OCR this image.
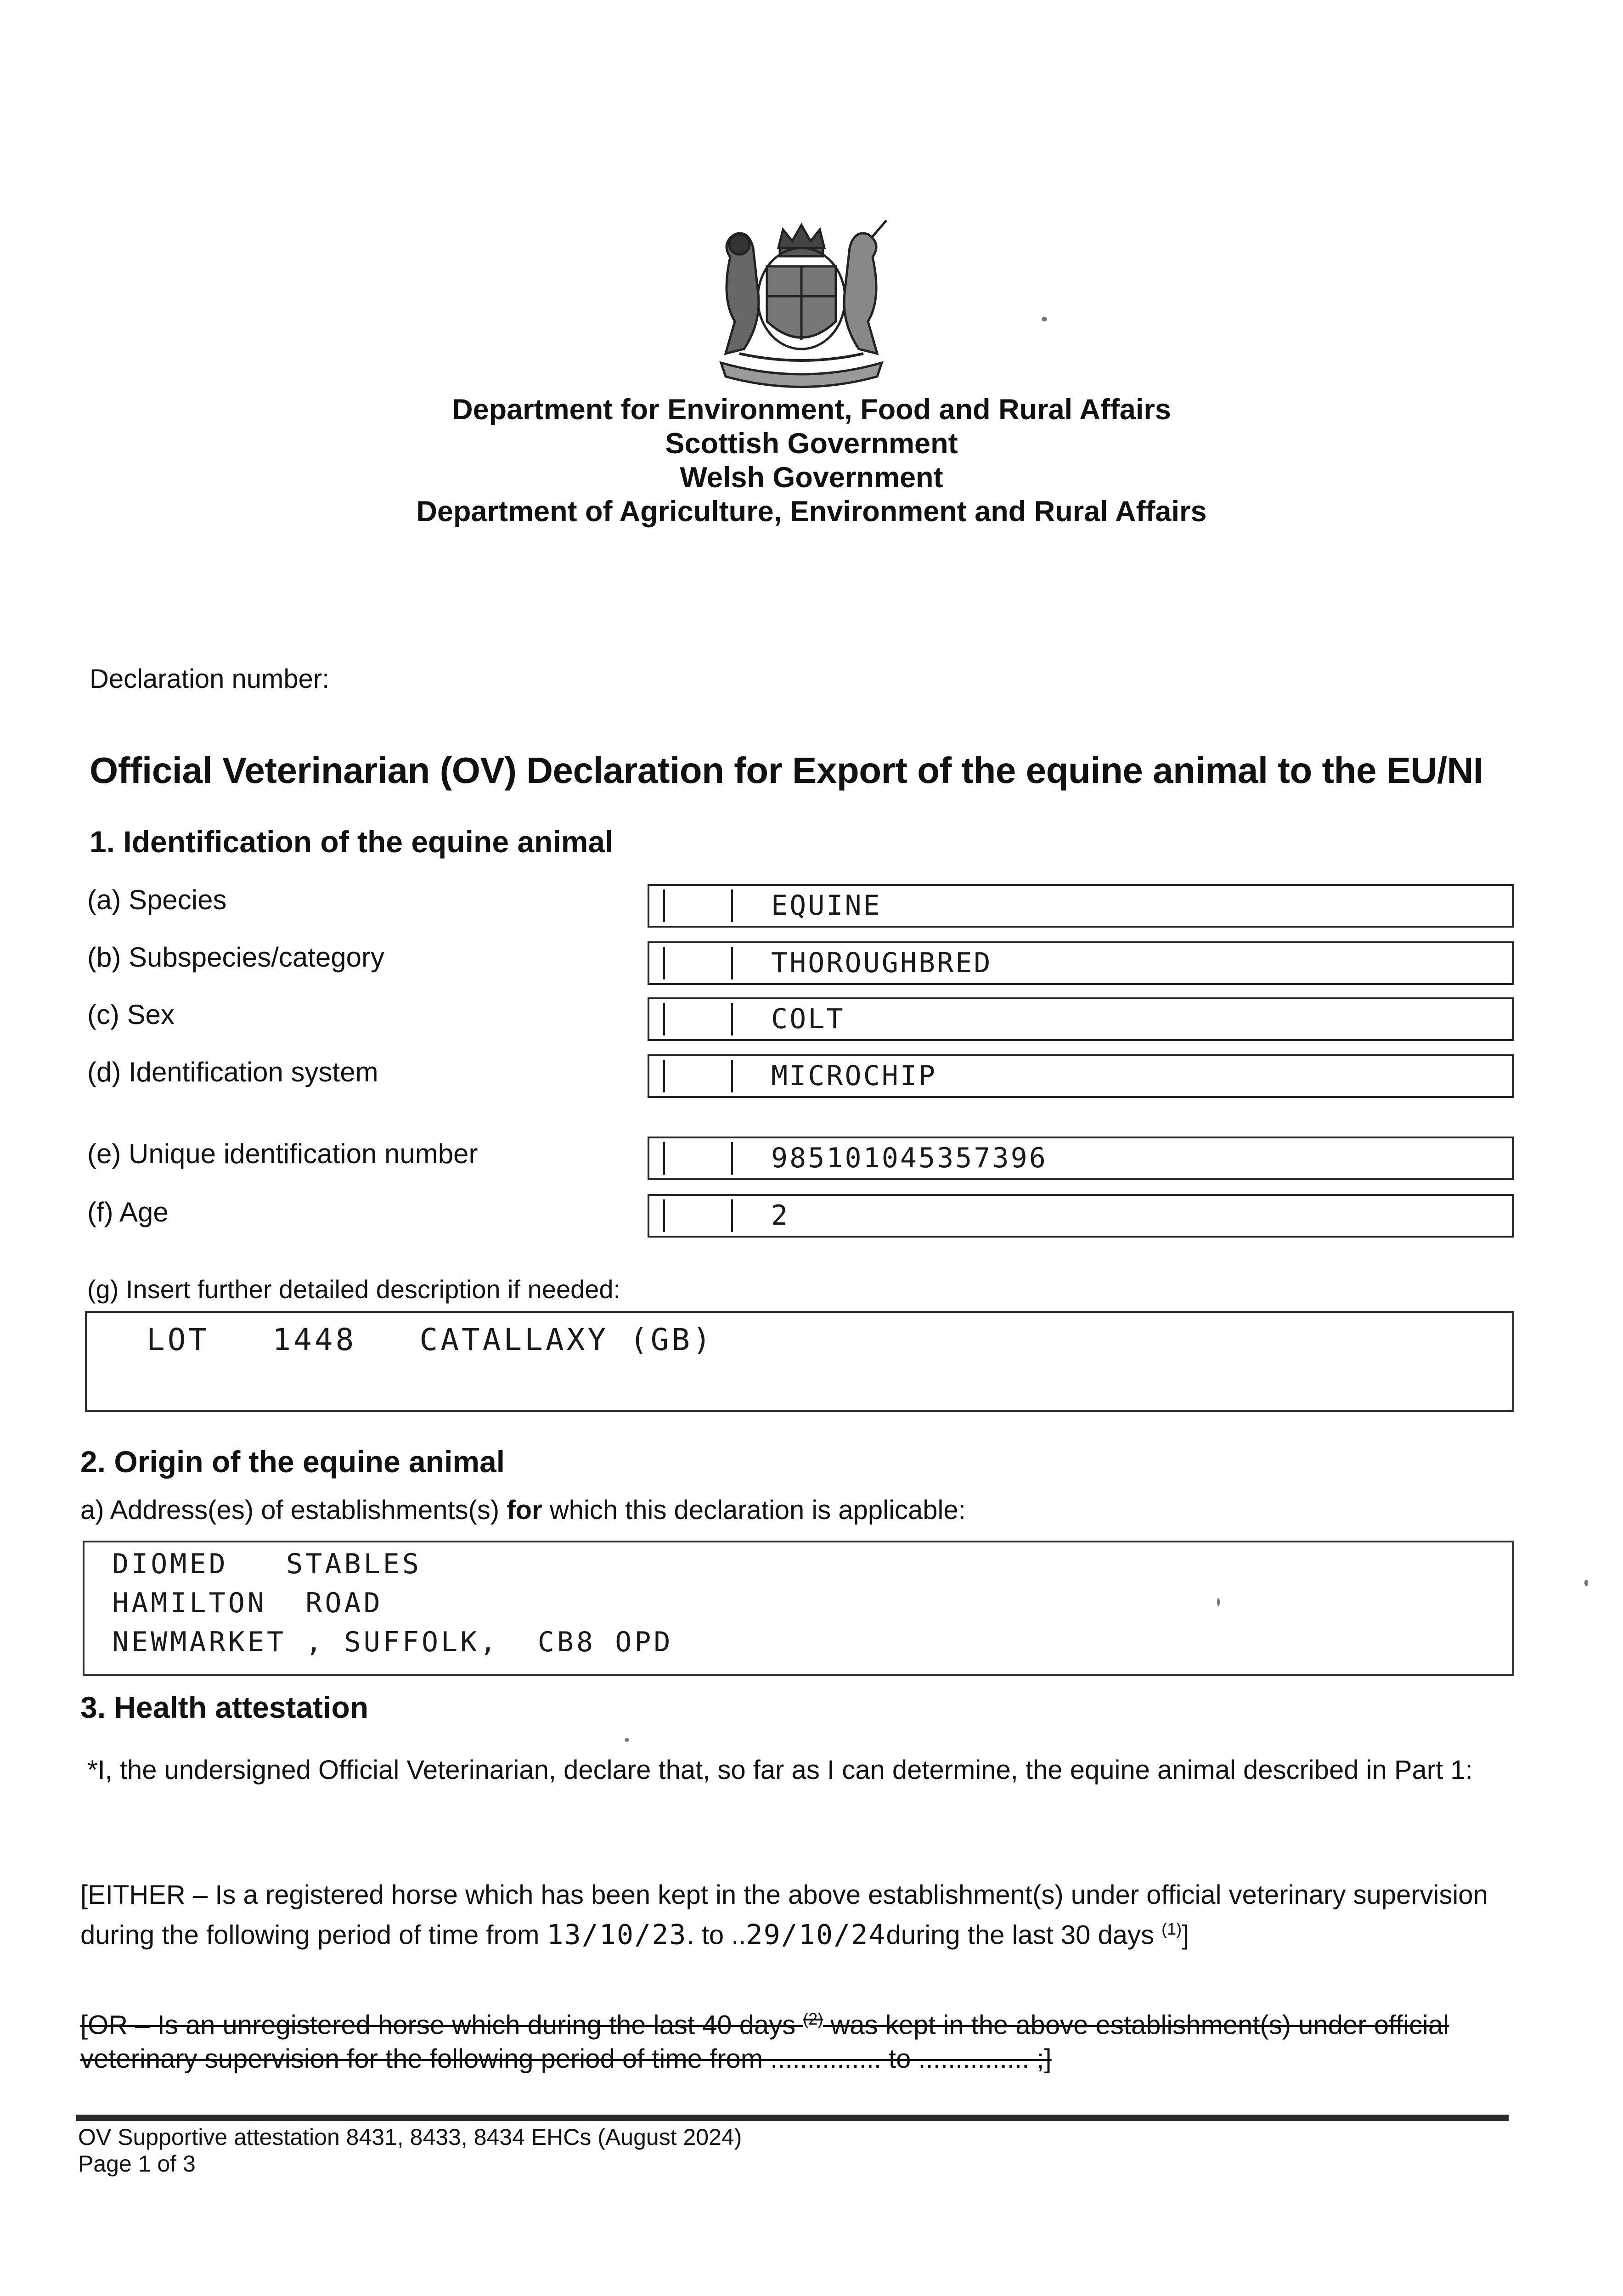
Department for Environment, Food and Rural Affairs
Scottish Government
Welsh Government
Department of Agriculture, Environment and Rural Affairs
Declaration number:
Official Veterinarian (OV) Declaration for Export of the equine animal to the EU/NI
1. Identification of the equine animal
(a) Species	EQUINE
(b) Subspecies/category	THOROUGHBRED
(c) Sex	COLT
(d) Identification system	MICROCHIP
(e) Unique identification number	985101045357396
(f) Age	2
(g) Insert further detailed description if needed:
LOT   1448   CATALLAXY (GB)
2. Origin of the equine animal
a) Address(es) of establishments(s) for which this declaration is applicable:
DIOMED   STABLES
HAMILTON  ROAD
NEWMARKET , SUFFOLK,  CB8 OPD
3. Health attestation
*I, the undersigned Official Veterinarian, declare that, so far as I can determine, the equine animal described in Part 1:
[EITHER – Is a registered horse which has been kept in the above establishment(s) under official veterinary supervision during the following period of time from 13/10/23. to ..29/10/24during the last 30 days $^{(1)}$]
[OR – Is an unregistered horse which during the last 40 days $^{(2)}$ was kept in the above establishment(s) under official veterinary supervision for the following period of time from ............... to ............... ;]
OV Supportive attestation 8431, 8433, 8434 EHCs (August 2024)
Page 1 of 3
